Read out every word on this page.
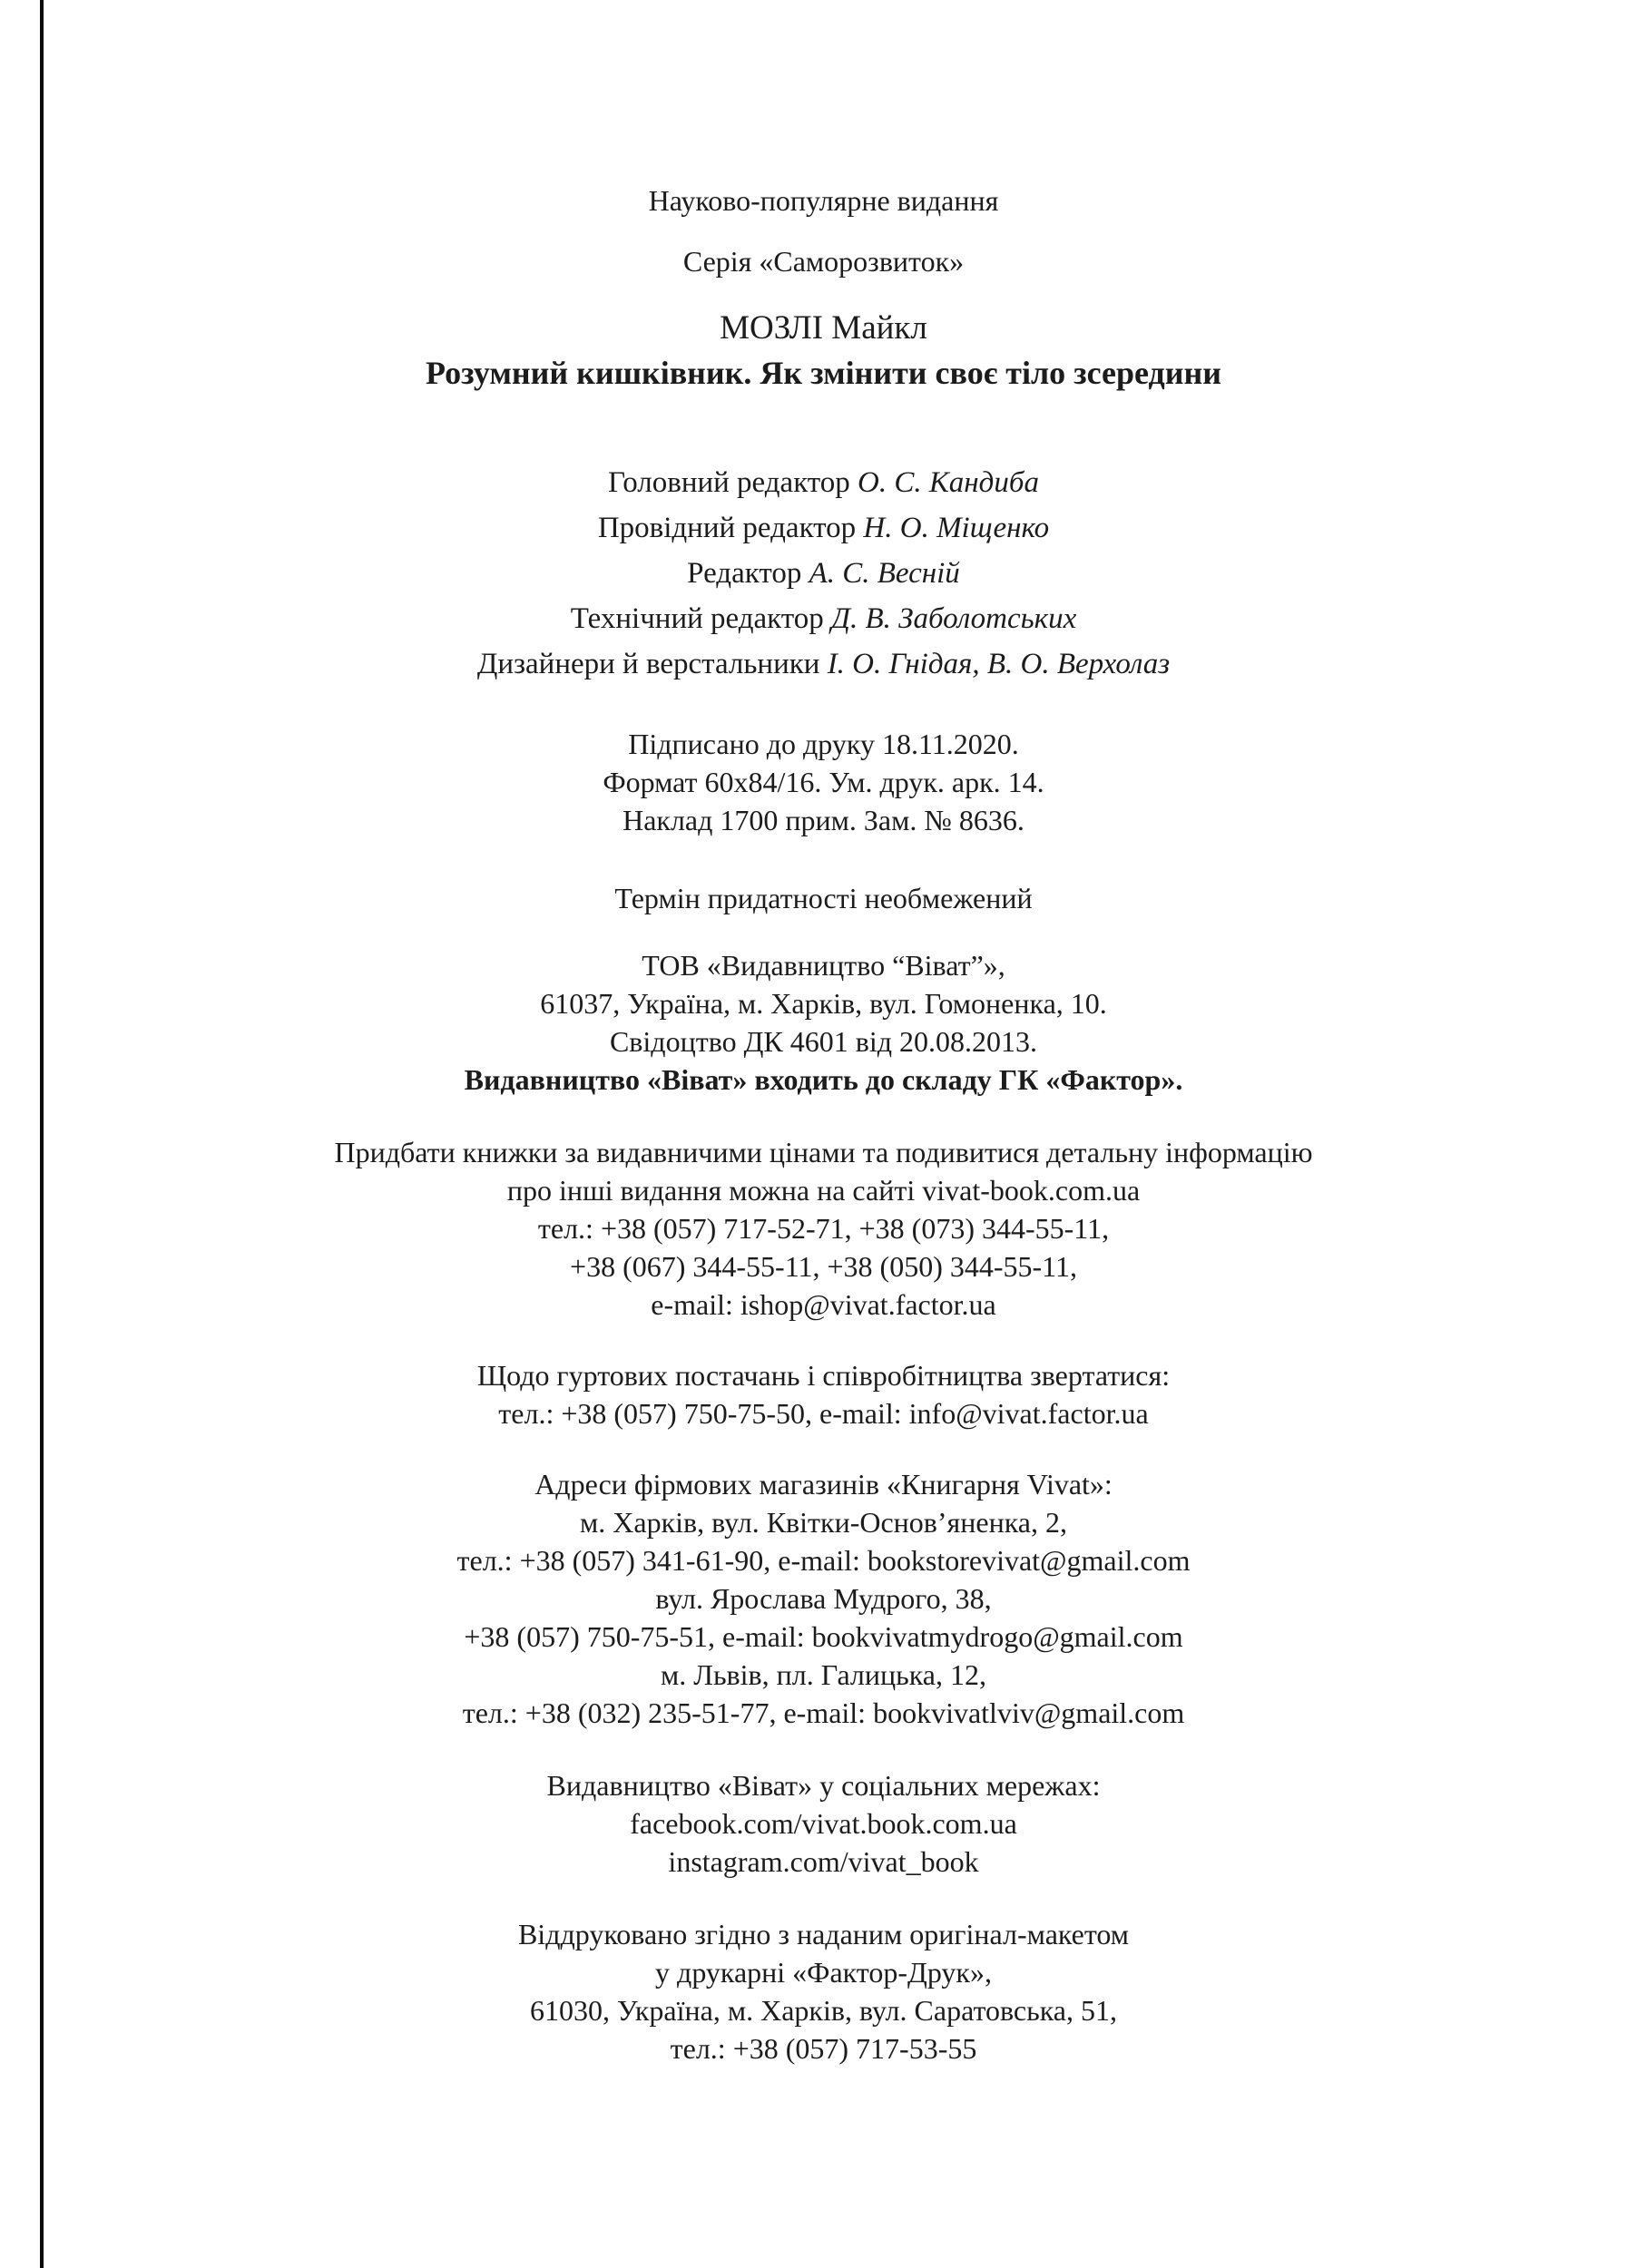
Науково-популярне видання

Серія «Саморозвиток»

МОЗЛІ Майкл
Розумний кишківник. Як змінити своє тіло зсередини

Головний редактор О. С. Кандиба

Провідний редактор Н. О. Міщенко

Редактор А. С. Весній

Технічний редактор Д. В. Заболотських

Дизайнери й верстальники І. О. Гнідая, В. О. Верхолаз

Підписано до друку 18.11.2020.

Формат 60х84/16. Ум. друк. арк. 14.

Наклад 1700 прим. Зам. № 8636.

Термін придатності необмежений

ТОВ «Видавництво “Віват”»,

61037, Україна, м. Харків, вул. Гомоненка, 10.

Свідоцтво ДК 4601 від 20.08.2013.

Видавництво «Віват» входить до складу ГК «Фактор».

Придбати книжки за видавничими цінами та подивитися детальну інформацію

про інші видання можна на сайті vivat-book.com.ua

тел.: +38 (057) 717-52-71, +38 (073) 344-55-11,

+38 (067) 344-55-11, +38 (050) 344-55-11,

e-mail: ishop@vivat.factor.ua

Щодо гуртових постачань і співробітництва звертатися:

тел.: +38 (057) 750-75-50, e-mail: info@vivat.factor.ua

Адреси фірмових магазинів «Книгарня Vivat»:

м. Харків, вул. Квітки-Основ’яненка, 2,

тел.: +38 (057) 341-61-90, e-mail: bookstorevivat@gmail.com

вул. Ярослава Мудрого, 38,

+38 (057) 750-75-51, e-mail: bookvivatmydrogo@gmail.com

м. Львів, пл. Галицька, 12,

тел.: +38 (032) 235-51-77, e-mail: bookvivatlviv@gmail.com

Видавництво «Віват» у соціальних мережах:

facebook.com/vivat.book.com.ua

instagram.com/vivat_book

Віддруковано згідно з наданим оригінал-макетом

у друкарні «Фактор-Друк»,

61030, Україна, м. Харків, вул. Саратовська, 51,

тел.: +38 (057) 717-53-55
